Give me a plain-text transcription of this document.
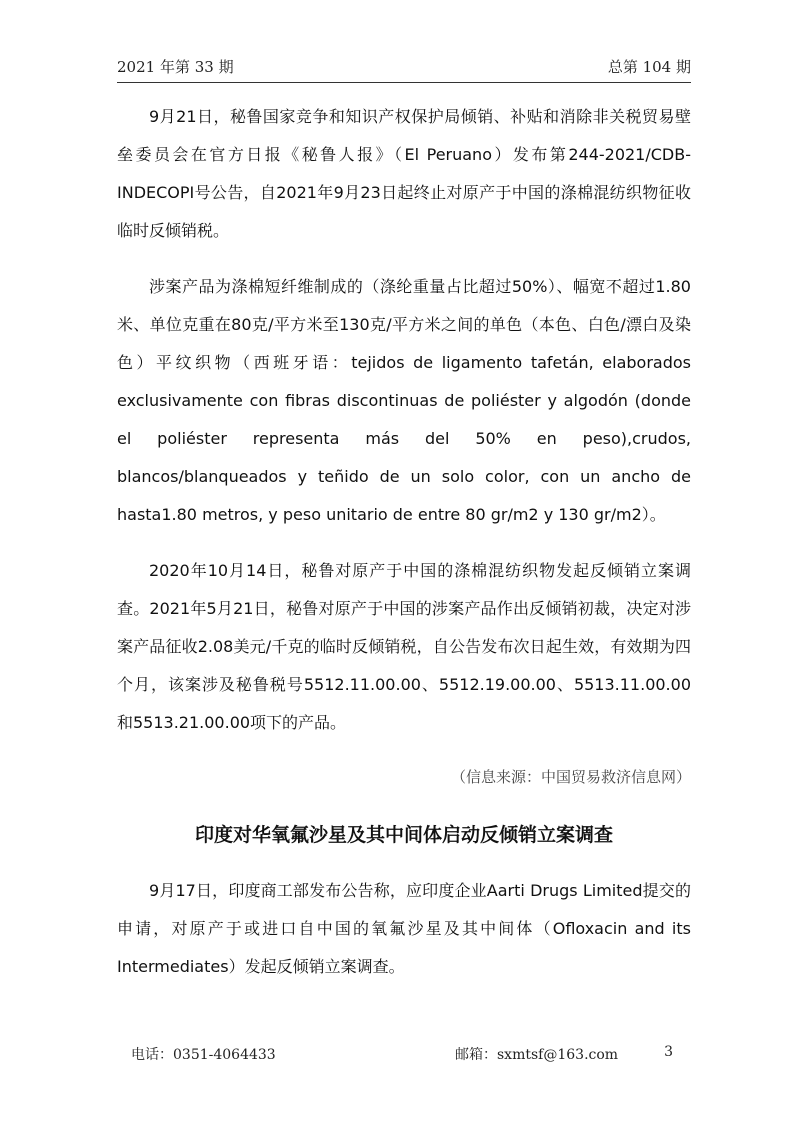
2021 年第 33 期	总第 104 期

9月21日，秘鲁国家竞争和知识产权保护局倾销、补贴和消除非关税贸易壁垒委员会在官方日报《秘鲁人报》（El Peruano）发布第244-2021/CDB-INDECOPI号公告，自2021年9月23日起终止对原产于中国的涤棉混纺织物征收临时反倾销税。

涉案产品为涤棉短纤维制成的（涤纶重量占比超过50%）、幅宽不超过1.80米、单位克重在80克/平方米至130克/平方米之间的单色（本色、白色/漂白及染色）平纹织物（西班牙语：tejidos de ligamento tafetán, elaborados exclusivamente con fibras discontinuas de poliéster y algodón (donde el poliéster representa más del 50% en peso),crudos, blancos/blanqueados y teñido de un solo color, con un ancho de hasta1.80 metros, y peso unitario de entre 80 gr/m2 y 130 gr/m2）。

2020年10月14日，秘鲁对原产于中国的涤棉混纺织物发起反倾销立案调查。2021年5月21日，秘鲁对原产于中国的涉案产品作出反倾销初裁，决定对涉案产品征收2.08美元/千克的临时反倾销税，自公告发布次日起生效，有效期为四个月，该案涉及秘鲁税号5512.11.00.00、5512.19.00.00、5513.11.00.00和5513.21.00.00项下的产品。

（信息来源：中国贸易救济信息网）

印度对华氧氟沙星及其中间体启动反倾销立案调查

9月17日，印度商工部发布公告称，应印度企业Aarti Drugs Limited提交的申请，对原产于或进口自中国的氧氟沙星及其中间体（Ofloxacin and its Intermediates）发起反倾销立案调查。

电话：0351-4064433	邮箱：sxmtsf@163.com	3
